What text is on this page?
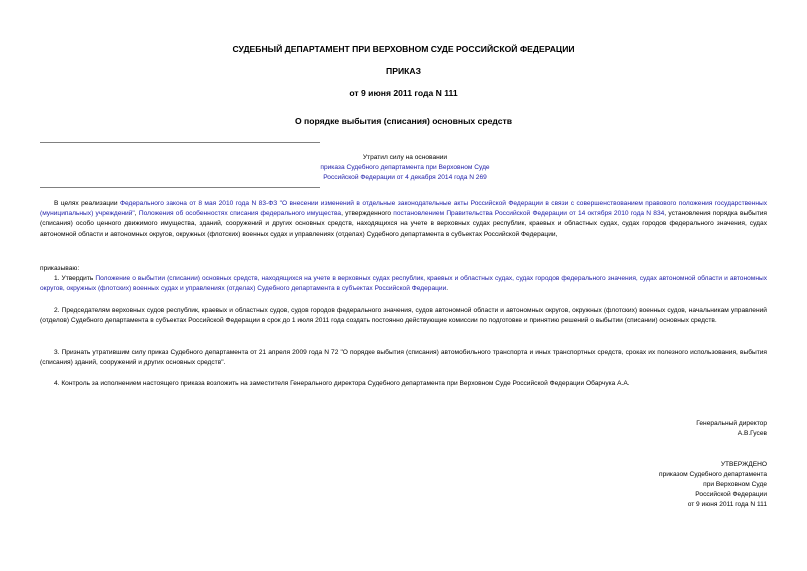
СУДЕБНЫЙ ДЕПАРТАМЕНТ ПРИ ВЕРХОВНОМ СУДЕ РОССИЙСКОЙ ФЕДЕРАЦИИ
ПРИКАЗ
от 9 июня 2011 года N 111
О порядке выбытия (списания) основных средств
Утратил силу на основании
приказа Судебного департамента при Верховном Суде
Российской Федерации от 4 декабря 2014 года N 269
В целях реализации Федерального закона от 8 мая 2010 года N 83-ФЗ "О внесении изменений в отдельные законодательные акты Российской Федерации в связи с совершенствованием правового положения государственных (муниципальных) учреждений", Положения об особенностях списания федерального имущества, утвержденного постановлением Правительства Российской Федерации от 14 октября 2010 года N 834, установления порядка выбытия (списания) особо ценного движимого имущества, зданий, сооружений и других основных средств, находящихся на учете в верховных судах республик, краевых и областных судах, судах городов федерального значения, судах автономной области и автономных округов, окружных (флотских) военных судах и управлениях (отделах) Судебного департамента в субъектах Российской Федерации,
приказываю:
1. Утвердить Положение о выбытии (списании) основных средств, находящихся на учете в верховных судах республик, краевых и областных судах, судах городов федерального значения, судах автономной области и автономных округов, окружных (флотских) военных судах и управлениях (отделах) Судебного департамента в субъектах Российской Федерации.
2. Председателям верховных судов республик, краевых и областных судов, судов городов федерального значения, судов автономной области и автономных округов, окружных (флотских) военных судов, начальникам управлений (отделов) Судебного департамента в субъектах Российской Федерации в срок до 1 июля 2011 года создать постоянно действующие комиссии по подготовке и принятию решений о выбытии (списании) основных средств.
3. Признать утратившим силу приказ Судебного департамента от 21 апреля 2009 года N 72 "О порядке выбытия (списания) автомобильного транспорта и иных транспортных средств, сроках их полезного использования, выбытия (списания) зданий, сооружений и других основных средств".
4. Контроль за исполнением настоящего приказа возложить на заместителя Генерального директора Судебного департамента при Верховном Суде Российской Федерации Обарчука А.А.
Генеральный директор
А.В.Гусев
УТВЕРЖДЕНО
приказом Судебного департамента
при Верховном Суде
Российской Федерации
от 9 июня 2011 года N 111
